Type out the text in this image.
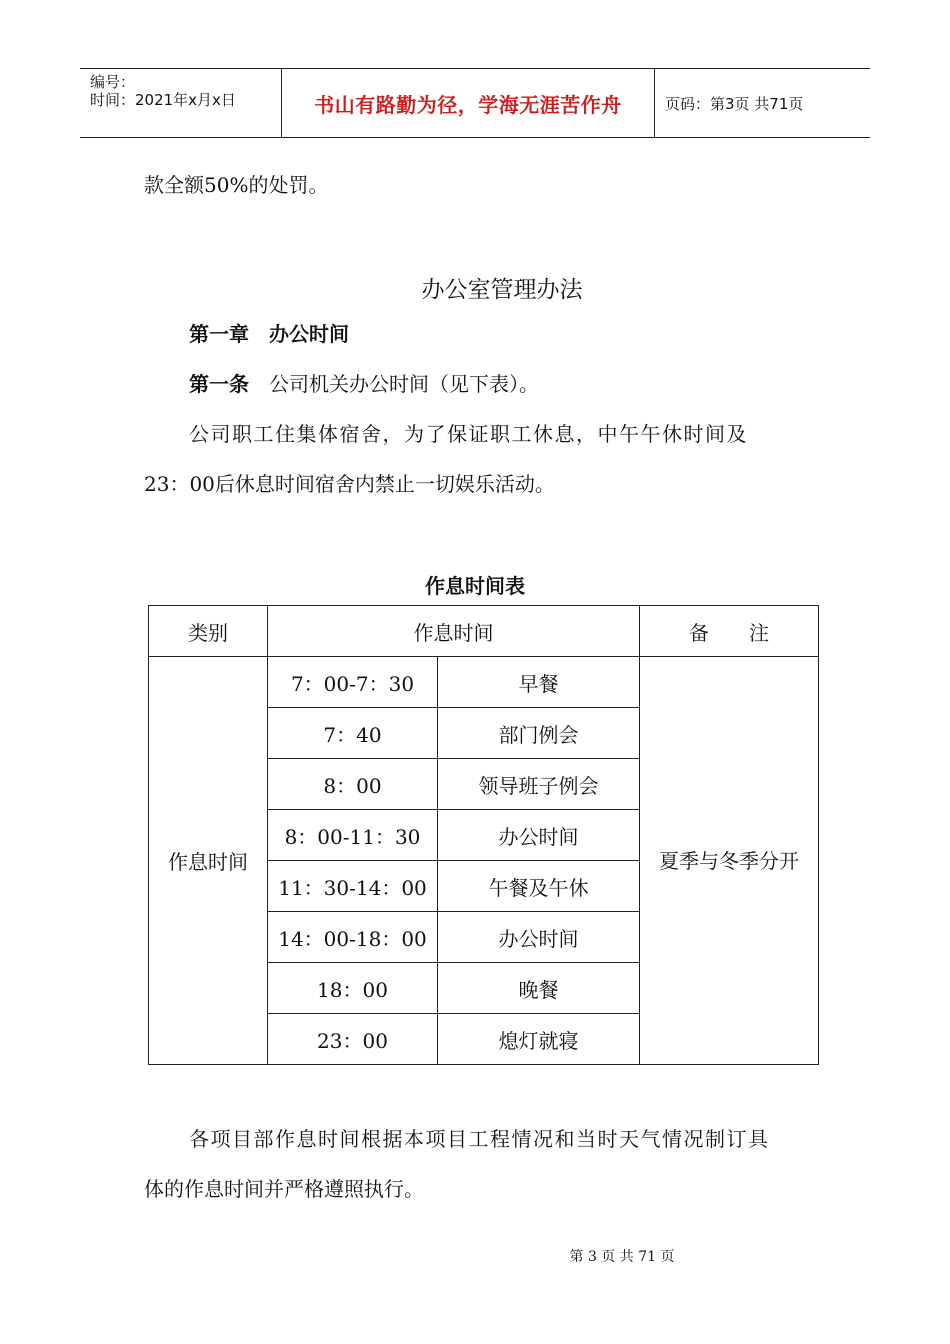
编号：
时间：2021年x月x日	书山有路勤为径，学海无涯苦作舟	页码：第3页 共71页
款全额50%的处罚。
办公室管理办法
第一章　办公时间
第一条 公司机关办公时间（见下表）。
公司职工住集体宿舍，为了保证职工休息，中午午休时间及
23：00后休息时间宿舍内禁止一切娱乐活动。
作息时间表
类别	作息时间		备　　注
作息时间	7：00-7：30	早餐	夏季与冬季分开
	7：40	部门例会	
	8：00	领导班子例会	
	8：00-11：30	办公时间	
	11：30-14：00	午餐及午休	
	14：00-18：00	办公时间	
	18：00	晚餐	
	23：00	熄灯就寝	
各项目部作息时间根据本项目工程情况和当时天气情况制订具
体的作息时间并严格遵照执行。
第 3 页 共 71 页
